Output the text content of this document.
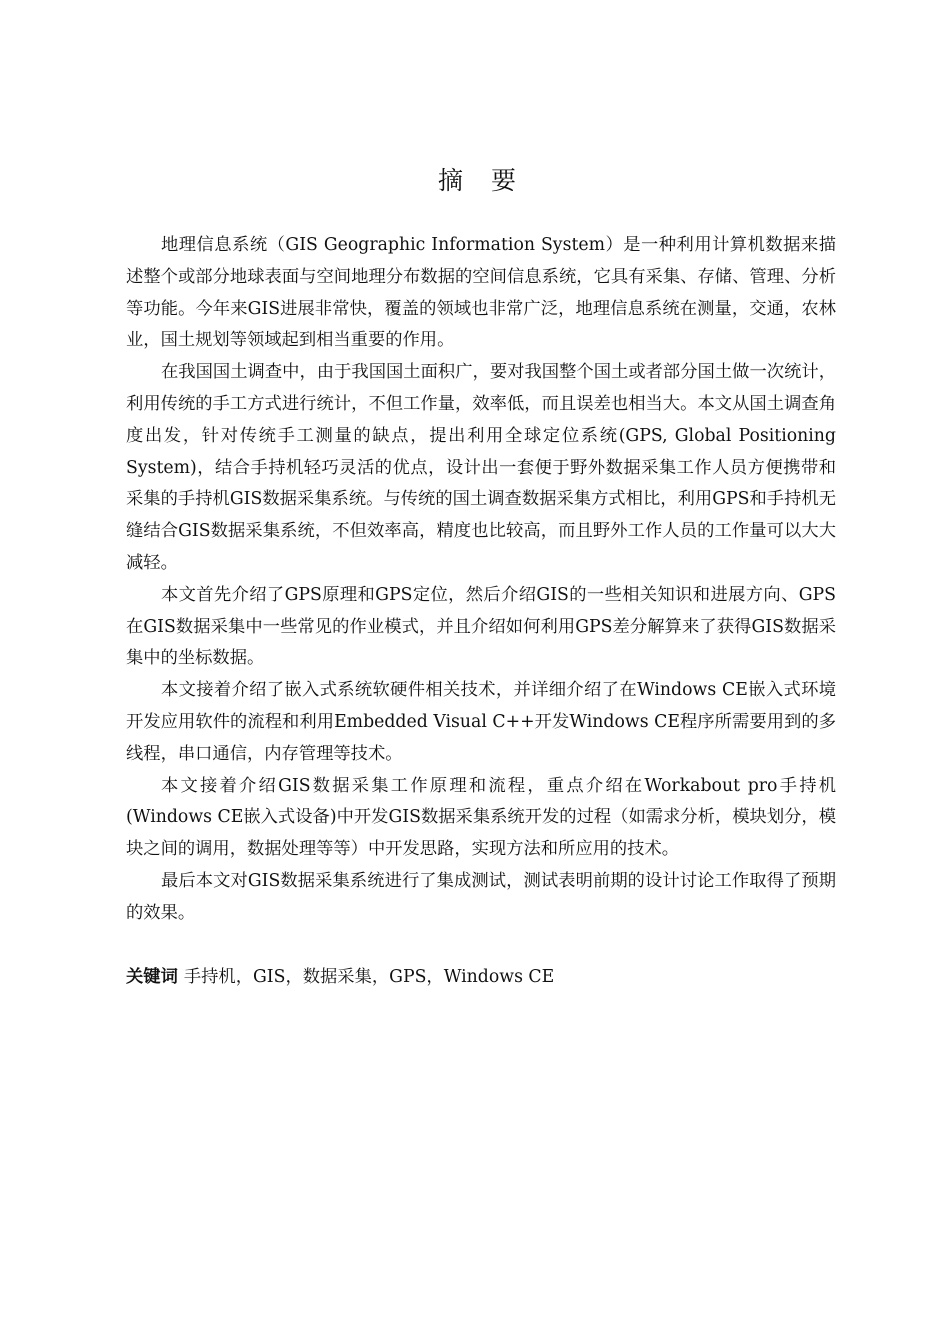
摘 要

地理信息系统（GIS Geographic Information System）是一种利用计算机数据来描述整个或部分地球表面与空间地理分布数据的空间信息系统，它具有采集、存储、管理、分析等功能。今年来GIS进展非常快，覆盖的领域也非常广泛，地理信息系统在测量，交通，农林业，国土规划等领域起到相当重要的作用。

在我国国土调查中，由于我国国土面积广，要对我国整个国土或者部分国土做一次统计，利用传统的手工方式进行统计，不但工作量，效率低，而且误差也相当大。本文从国土调查角度出发，针对传统手工测量的缺点，提出利用全球定位系统(GPS, Global Positioning System)，结合手持机轻巧灵活的优点，设计出一套便于野外数据采集工作人员方便携带和采集的手持机GIS数据采集系统。与传统的国土调查数据采集方式相比，利用GPS和手持机无缝结合GIS数据采集系统，不但效率高，精度也比较高，而且野外工作人员的工作量可以大大减轻。

本文首先介绍了GPS原理和GPS定位，然后介绍GIS的一些相关知识和进展方向、GPS在GIS数据采集中一些常见的作业模式，并且介绍如何利用GPS差分解算来了获得GIS数据采集中的坐标数据。

本文接着介绍了嵌入式系统软硬件相关技术，并详细介绍了在Windows CE嵌入式环境开发应用软件的流程和利用Embedded Visual C++开发Windows CE程序所需要用到的多线程，串口通信，内存管理等技术。

本文接着介绍GIS数据采集工作原理和流程，重点介绍在Workabout pro手持机(Windows CE嵌入式设备)中开发GIS数据采集系统开发的过程（如需求分析，模块划分，模块之间的调用，数据处理等等）中开发思路，实现方法和所应用的技术。

最后本文对GIS数据采集系统进行了集成测试，测试表明前期的设计讨论工作取得了预期的效果。

关键词 手持机，GIS，数据采集，GPS，Windows CE
